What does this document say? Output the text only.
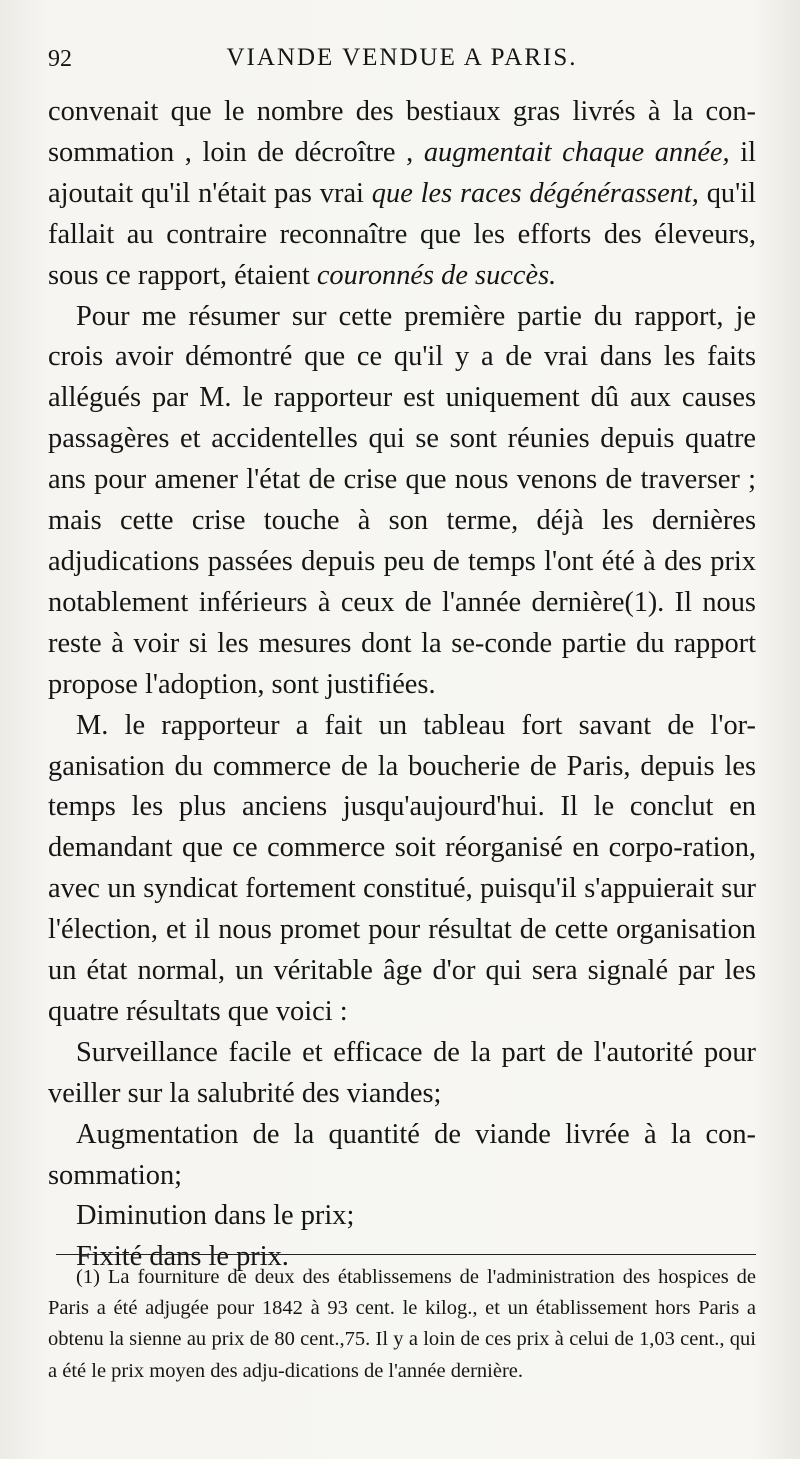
92	VIANDE VENDUE A PARIS.

convenait que le nombre des bestiaux gras livrés à la con-sommation , loin de décroître , augmentait chaque année, il ajoutait qu'il n'était pas vrai que les races dégénérassent, qu'il fallait au contraire reconnaître que les efforts des éleveurs, sous ce rapport, étaient couronnés de succès.

Pour me résumer sur cette première partie du rapport, je crois avoir démontré que ce qu'il y a de vrai dans les faits allégués par M. le rapporteur est uniquement dû aux causes passagères et accidentelles qui se sont réunies depuis quatre ans pour amener l'état de crise que nous venons de traverser ; mais cette crise touche à son terme, déjà les dernières adjudications passées depuis peu de temps l'ont été à des prix notablement inférieurs à ceux de l'année dernière(1). Il nous reste à voir si les mesures dont la se-conde partie du rapport propose l'adoption, sont justifiées.

M. le rapporteur a fait un tableau fort savant de l'or-ganisation du commerce de la boucherie de Paris, depuis les temps les plus anciens jusqu'aujourd'hui. Il le conclut en demandant que ce commerce soit réorganisé en corpo-ration, avec un syndicat fortement constitué, puisqu'il s'appuierait sur l'élection, et il nous promet pour résultat de cette organisation un état normal, un véritable âge d'or qui sera signalé par les quatre résultats que voici :

Surveillance facile et efficace de la part de l'autorité pour veiller sur la salubrité des viandes;

Augmentation de la quantité de viande livrée à la con-sommation;

Diminution dans le prix;

Fixité dans le prix.

(1) La fourniture de deux des établissemens de l'administration des hospices de Paris a été adjugée pour 1842 à 93 cent. le kilog., et un établissement hors Paris a obtenu la sienne au prix de 80 cent.,75. Il y a loin de ces prix à celui de 1,03 cent., qui a été le prix moyen des adju-dications de l'année dernière.
